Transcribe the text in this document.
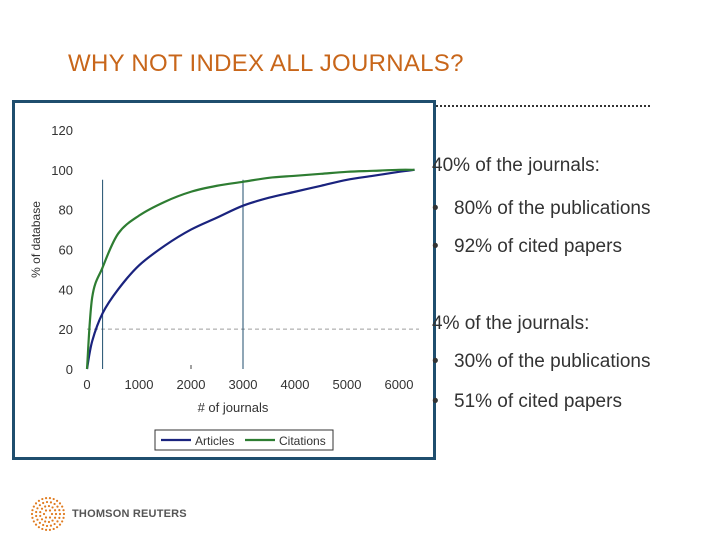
WHY NOT INDEX ALL JOURNALS?
0
20
40
60
80
100
120
0	1000 2000 3000 4000 5000 6000
# of journals
% of database
Articles	Citations
40% of the journals:
• 80% of the publications
• 92% of cited papers
4% of the journals:
• 30% of the publications
• 51% of cited papers
THOMSON REUTERS
